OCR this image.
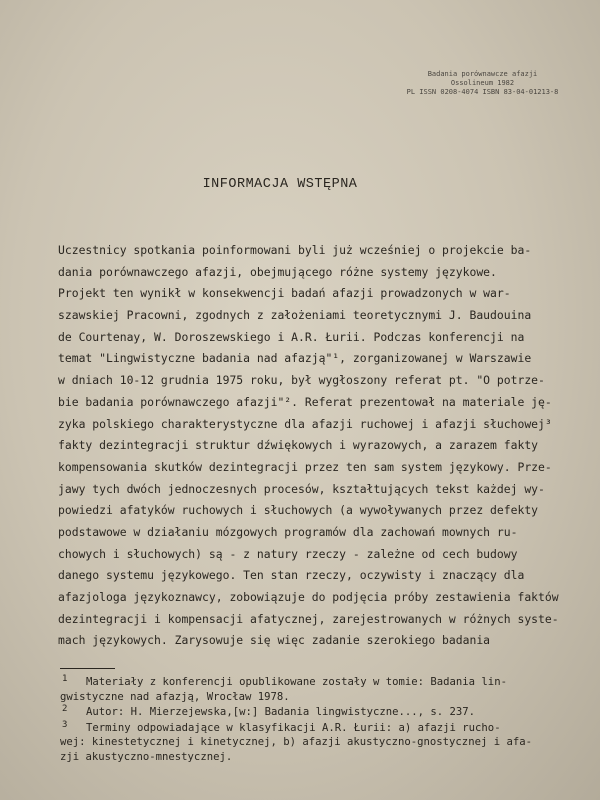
Badania porównawcze afazji
Ossolineum 1982
PL ISSN 0208-4074 ISBN 83-04-01213-8
INFORMACJA WSTĘPNA
Uczestnicy spotkania poinformowani byli już wcześniej o projekcie ba-
dania porównawczego afazji, obejmującego różne systemy językowe.
Projekt ten wynikł w konsekwencji badań afazji prowadzonych w war-
szawskiej Pracowni, zgodnych z założeniami teoretycznymi J. Baudouina
de Courtenay, W. Doroszewskiego i A.R. Łurii. Podczas konferencji na
temat "Lingwistyczne badania nad afazją"¹, zorganizowanej w Warszawie
w dniach 10-12 grudnia 1975 roku, był wygłoszony referat pt. "O potrze-
bie badania porównawczego afazji"². Referat prezentował na materiale ję-
zyka polskiego charakterystyczne dla afazji ruchowej i afazji słuchowej³
fakty dezintegracji struktur dźwiękowych i wyrazowych, a zarazem fakty
kompensowania skutków dezintegracji przez ten sam system językowy. Prze-
jawy tych dwóch jednoczesnych procesów, kształtujących tekst każdej wy-
powiedzi afatyków ruchowych i słuchowych (a wywoływanych przez defekty
podstawowe w działaniu mózgowych programów dla zachowań mownych ru-
chowych i słuchowych) są - z natury rzeczy - zależne od cech budowy
danego systemu językowego. Ten stan rzeczy, oczywisty i znaczący dla
afazjologa językoznawcy, zobowiązuje do podjęcia próby zestawienia faktów
dezintegracji i kompensacji afatycznej, zarejestrowanych w różnych syste-
mach językowych. Zarysowuje się więc zadanie szerokiego badania
1	Materiały z konferencji opublikowane zostały w tomie: Badania lin-
gwistyczne nad afazją, Wrocław 1978.
2	Autor: H. Mierzejewska,[w:] Badania lingwistyczne..., s. 237.
3	Terminy odpowiadające w klasyfikacji A.R. Łurii: a) afazji rucho-
wej: kinestetycznej i kinetycznej, b) afazji akustyczno-gnostycznej i afa-
zji akustyczno-mnestycznej.
